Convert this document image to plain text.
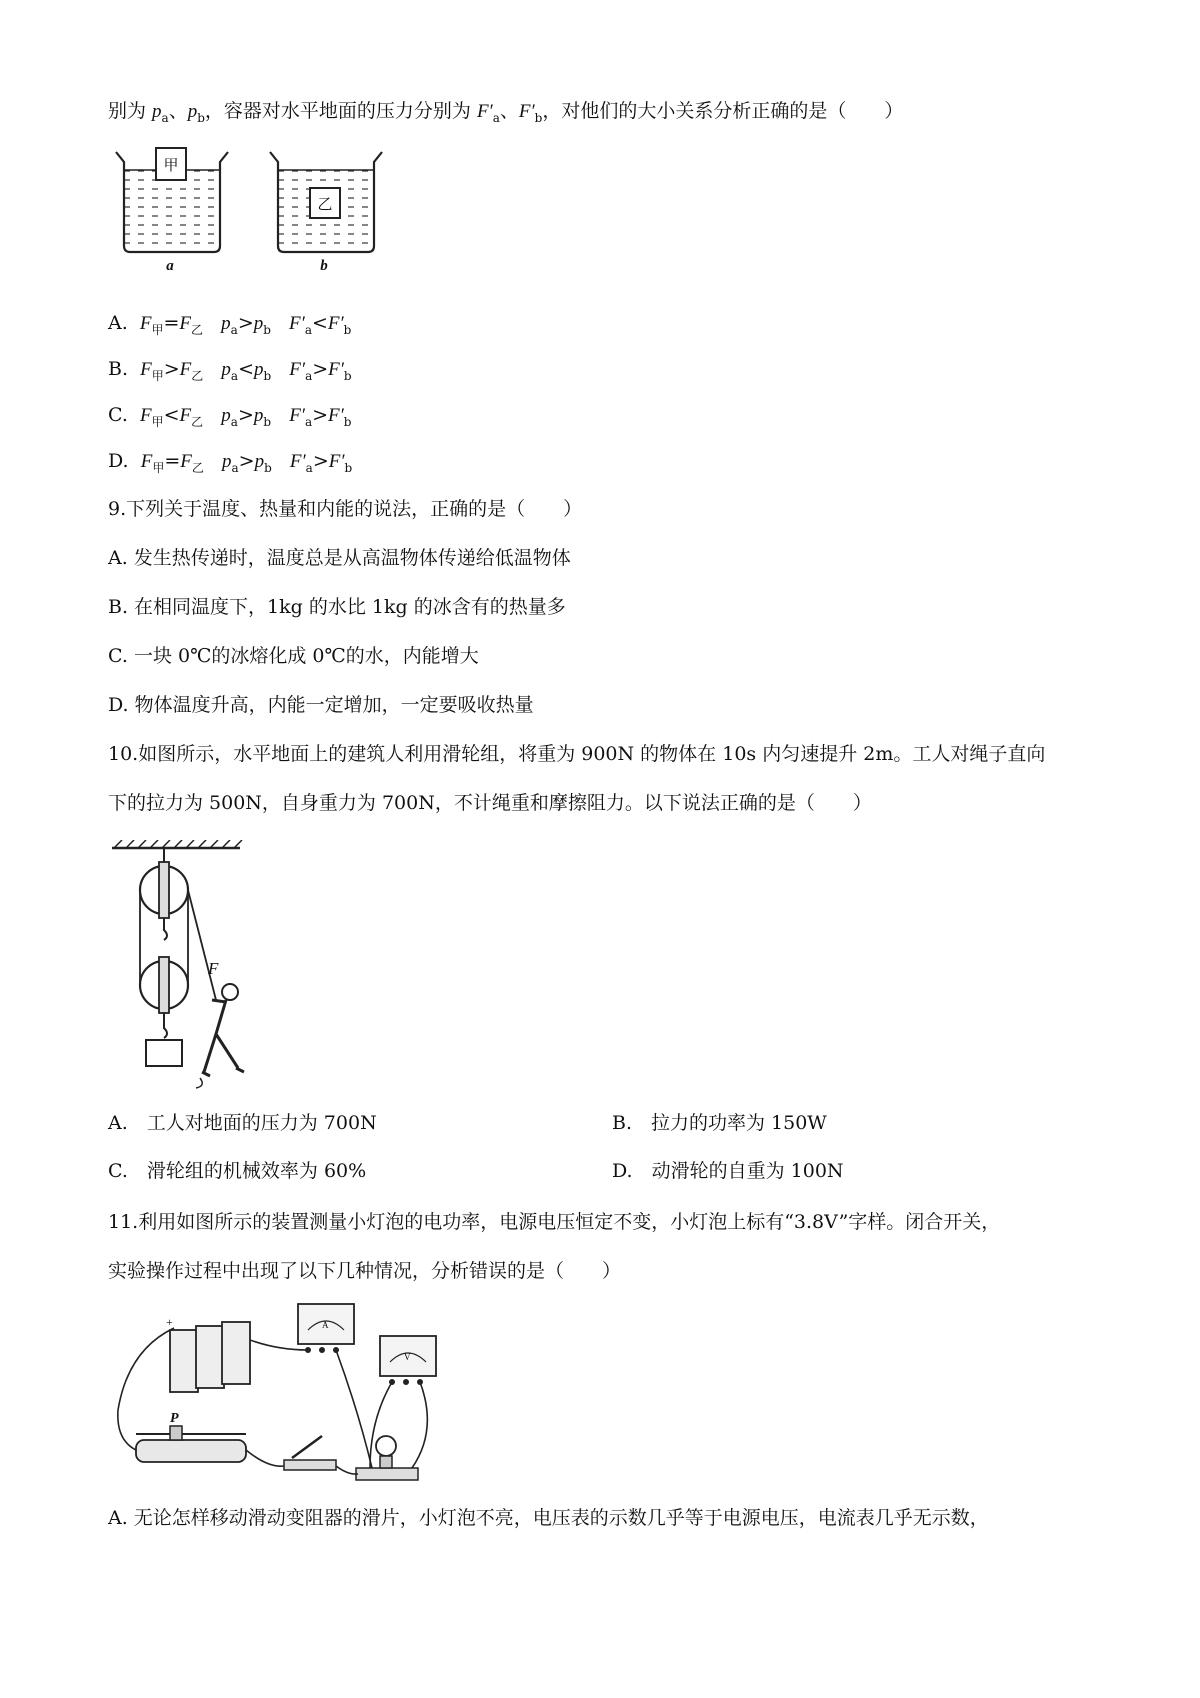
别为 $p_a$、$p_b$，容器对水平地面的压力分别为 $F'_a$、$F'_b$，对他们的大小关系分析正确的是（　　）
甲
a
乙
b
A. $F_甲=F_乙$ $p_a>p_b$ $F'_a<F'_b$
B. $F_甲>F_乙$ $p_a<p_b$ $F'_a>F'_b$
C. $F_甲<F_乙$ $p_a>p_b$ $F'_a>F'_b$
D. $F_甲=F_乙$ $p_a>p_b$ $F'_a>F'_b$
9.下列关于温度、热量和内能的说法，正确的是（　　）
A. 发生热传递时，温度总是从高温物体传递给低温物体
B. 在相同温度下，1kg 的水比 1kg 的冰含有的热量多
C. 一块 0℃的冰熔化成 0℃的水，内能增大
D. 物体温度升高，内能一定增加，一定要吸收热量
10.如图所示，水平地面上的建筑人利用滑轮组，将重为 900N 的物体在 10s 内匀速提升 2m。工人对绳子直向
下的拉力为 500N，自身重力为 700N，不计绳重和摩擦阻力。以下说法正确的是（　　）
F
A.　工人对地面的压力为 700N	B.　拉力的功率为 150W
C.　滑轮组的机械效率为 60%	D.　动滑轮的自重为 100N
11.利用如图所示的装置测量小灯泡的电功率，电源电压恒定不变，小灯泡上标有“3.8V”字样。闭合开关，
实验操作过程中出现了以下几种情况，分析错误的是（　　）
+	A
V
P
A. 无论怎样移动滑动变阻器的滑片，小灯泡不亮，电压表的示数几乎等于电源电压，电流表几乎无示数，
